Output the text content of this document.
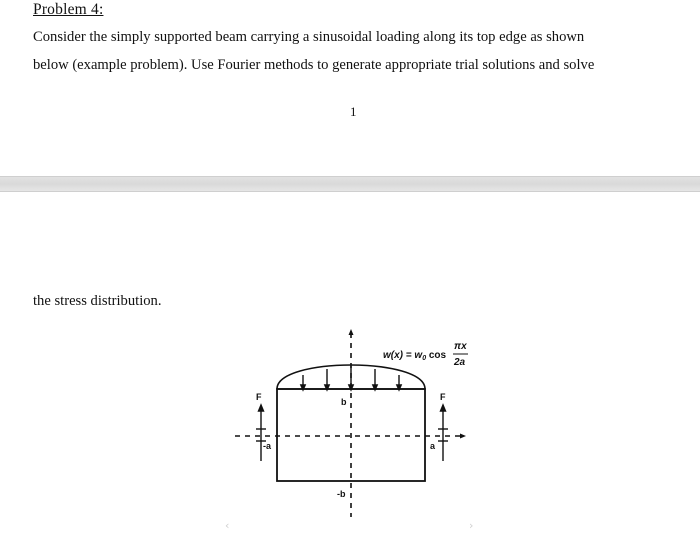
Problem 4:
Consider the simply supported beam carrying a sinusoidal loading along its top edge as shown
below (example problem). Use Fourier methods to generate appropriate trial solutions and solve
1
the stress distribution.
F	F
b
-b
-a	a
$w(x) = w_0$ cos
πx
2a
‹	›
